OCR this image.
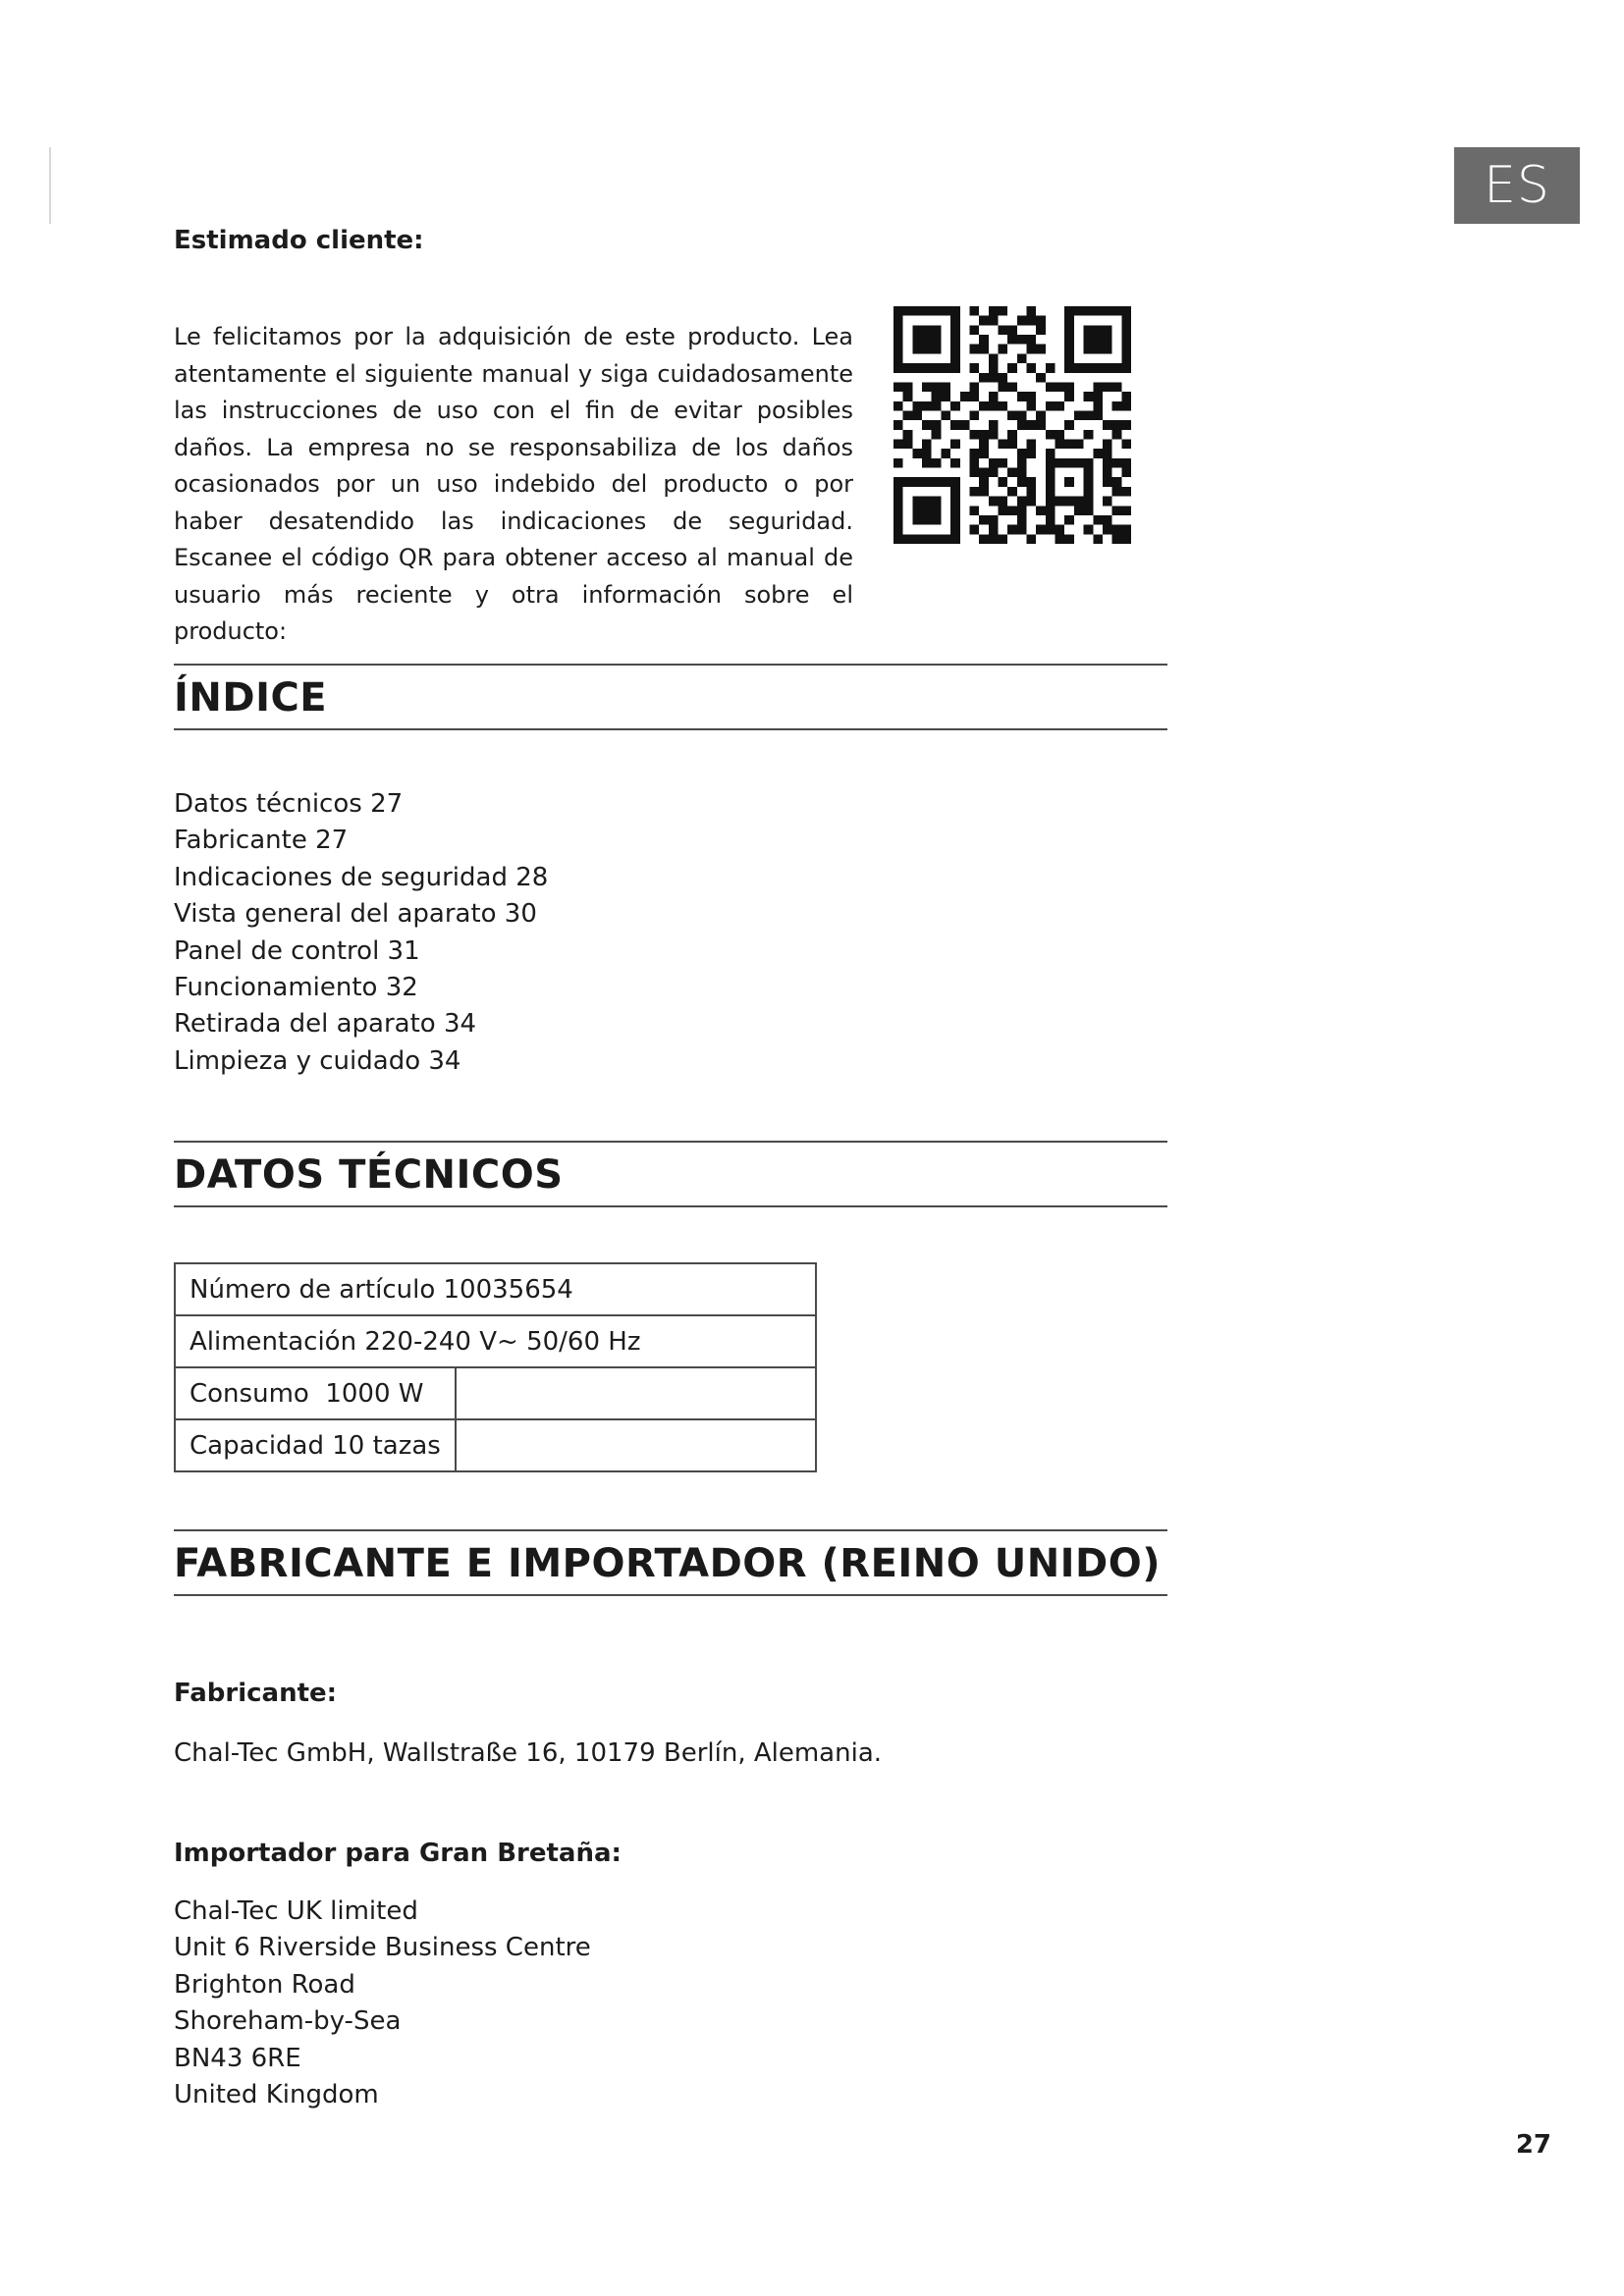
ES
Estimado cliente:

Le felicitamos por la adquisición de este producto. Lea atentamente el siguiente manual y siga cuidadosamente las instrucciones de uso con el fin de evitar posibles daños. La empresa no se responsabiliza de los daños ocasionados por un uso indebido del producto o por haber desatendido las indicaciones de seguridad. Escanee el código QR para obtener acceso al manual de usuario más reciente y otra información sobre el producto:

ÍNDICE
Datos técnicos 27
Fabricante 27
Indicaciones de seguridad 28
Vista general del aparato 30
Panel de control 31
Funcionamiento 32
Retirada del aparato 34
Limpieza y cuidado 34
DATOS TÉCNICOS
Número de artículo 10035654	
Alimentación 220-240 V~ 50/60 Hz	
Consumo 1000 W	
Capacidad 10 tazas	
FABRICANTE E IMPORTADOR (REINO UNIDO)
Fabricante:
Chal-Tec GmbH, Wallstraße 16, 10179 Berlín, Alemania.
Importador para Gran Bretaña:
Chal-Tec UK limited
Unit 6 Riverside Business Centre
Brighton Road
Shoreham-by-Sea
BN43 6RE
United Kingdom
27
